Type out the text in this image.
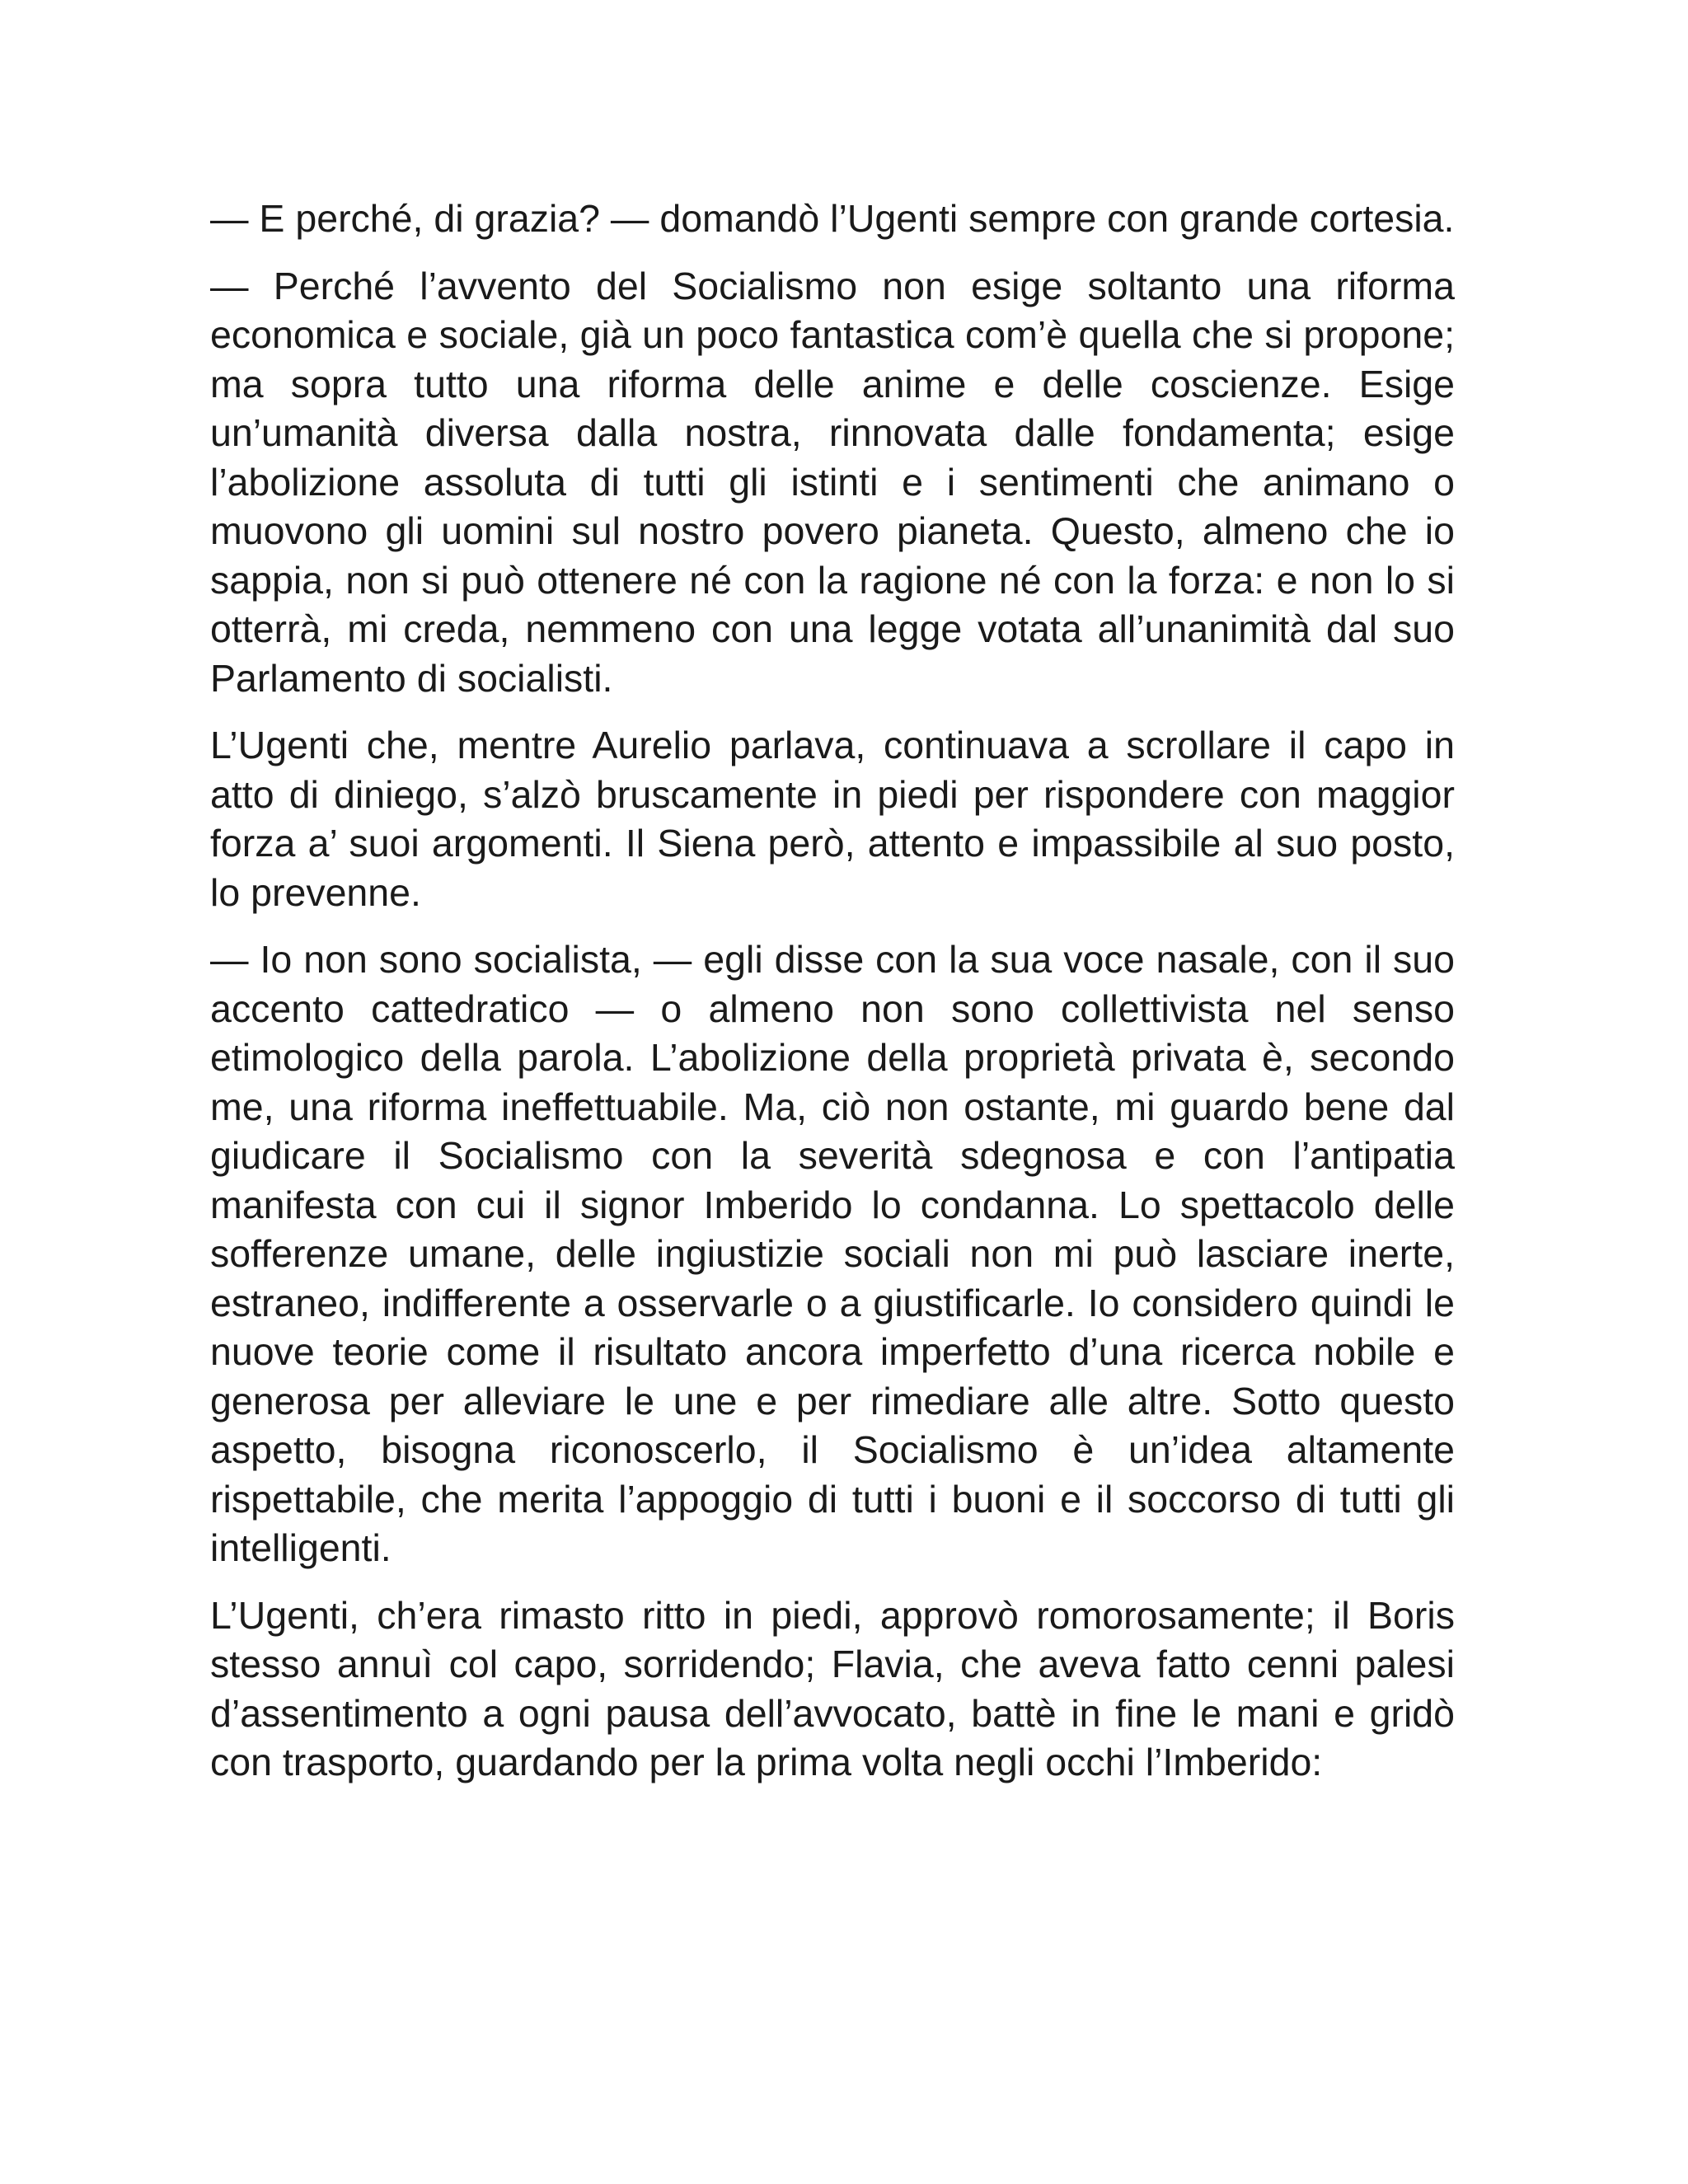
— E perché, di grazia? — domandò l’Ugenti sempre con grande cortesia.

— Perché l’avvento del Socialismo non esige soltanto una riforma economica e sociale, già un poco fantastica com’è quella che si propone; ma sopra tutto una riforma delle anime e delle coscienze. Esige un’umanità diversa dalla nostra, rinnovata dalle fondamenta; esige l’abolizione assoluta di tutti gli istinti e i sentimenti che animano o muovono gli uomini sul nostro povero pianeta. Questo, almeno che io sappia, non si può ottenere né con la ragione né con la forza: e non lo si otterrà, mi creda, nemmeno con una legge votata all’unanimità dal suo Parlamento di socialisti.

L’Ugenti che, mentre Aurelio parlava, continuava a scrollare il capo in atto di diniego, s’alzò bruscamente in piedi per rispondere con maggior forza a’ suoi argomenti. Il Siena però, attento e impassibile al suo posto, lo prevenne.

— Io non sono socialista, — egli disse con la sua voce nasale, con il suo accento cattedratico — o almeno non sono collettivista nel senso etimologico della parola. L’abolizione della proprietà privata è, secondo me, una riforma ineffettuabile. Ma, ciò non ostante, mi guardo bene dal giudicare il Socialismo con la severità sdegnosa e con l’antipatia manifesta con cui il signor Imberido lo condanna. Lo spettacolo delle sofferenze umane, delle ingiustizie sociali non mi può lasciare inerte, estraneo, indifferente a osservarle o a giustificarle. Io considero quindi le nuove teorie come il risultato ancora imperfetto d’una ricerca nobile e generosa per alleviare le une e per rimediare alle altre. Sotto questo aspetto, bisogna riconoscerlo, il Socialismo è un’idea altamente rispettabile, che merita l’appoggio di tutti i buoni e il soccorso di tutti gli intelligenti.

L’Ugenti, ch’era rimasto ritto in piedi, approvò romorosamente; il Boris stesso annuì col capo, sorridendo; Flavia, che aveva fatto cenni palesi d’assentimento a ogni pausa dell’avvocato, battè in fine le mani e gridò con trasporto, guardando per la prima volta negli occhi l’Imberido:
